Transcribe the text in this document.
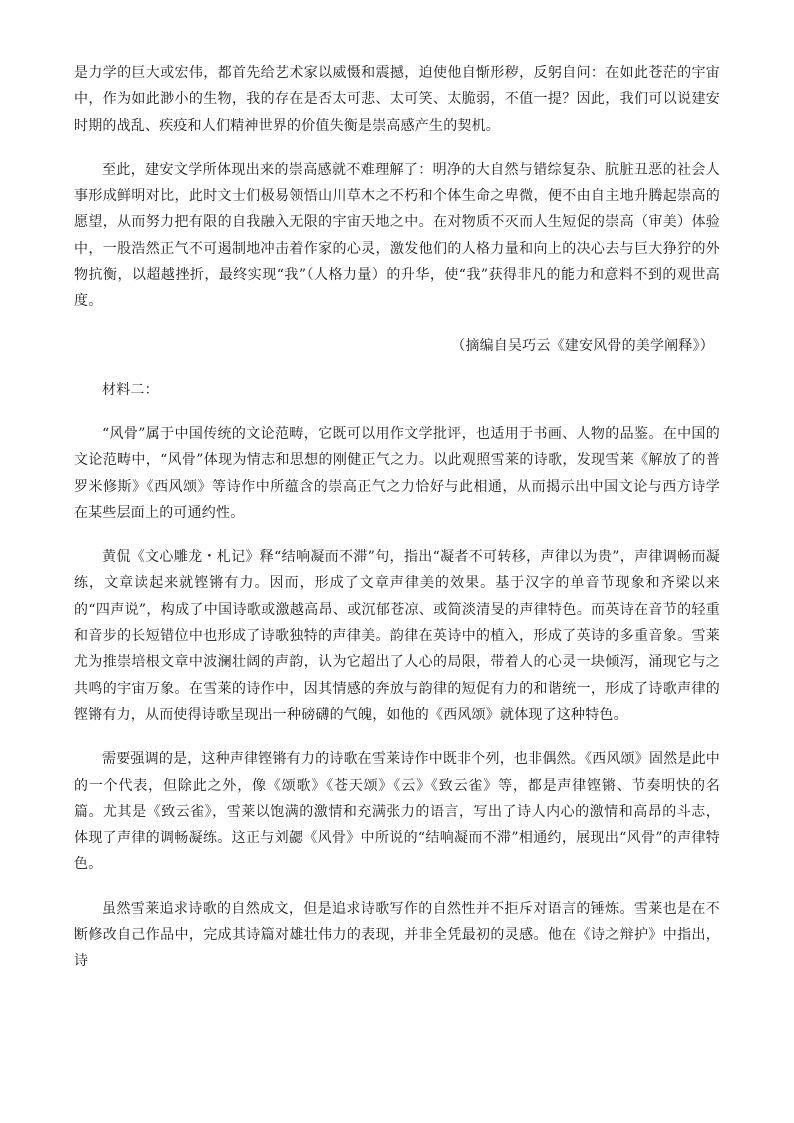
是力学的巨大或宏伟，都首先给艺术家以威慑和震撼，迫使他自惭形秽，反躬自问：在如此苍茫的宇宙中，作为如此渺小的生物，我的存在是否太可悲、太可笑、太脆弱，不值一提？因此，我们可以说建安时期的战乱、疾疫和人们精神世界的价值失衡是崇高感产生的契机。

至此，建安文学所体现出来的崇高感就不难理解了：明净的大自然与错综复杂、肮脏丑恶的社会人事形成鲜明对比，此时文士们极易领悟山川草木之不朽和个体生命之卑微，便不由自主地升腾起崇高的愿望，从而努力把有限的自我融入无限的宇宙天地之中。在对物质不灭而人生短促的崇高（审美）体验中，一股浩然正气不可遏制地冲击着作家的心灵，激发他们的人格力量和向上的决心去与巨大狰狞的外物抗衡，以超越挫折，最终实现“我”（人格力量）的升华，使“我”获得非凡的能力和意料不到的观世高度。

（摘编自吴巧云《建安风骨的美学阐释》）

材料二：

“风骨”属于中国传统的文论范畴，它既可以用作文学批评，也适用于书画、人物的品鉴。在中国的文论范畴中，“风骨”体现为情志和思想的刚健正气之力。以此观照雪莱的诗歌，发现雪莱《解放了的普罗米修斯》《西风颂》等诗作中所蕴含的崇高正气之力恰好与此相通，从而揭示出中国文论与西方诗学在某些层面上的可通约性。

黄侃《文心雕龙・札记》释“结响凝而不滞”句，指出“凝者不可转移，声律以为贵”，声律调畅而凝练，文章读起来就铿锵有力。因而，形成了文章声律美的效果。基于汉字的单音节现象和齐梁以来的“四声说”，构成了中国诗歌或激越高昂、或沉郁苍凉、或简淡清旻的声律特色。而英诗在音节的轻重和音步的长短错位中也形成了诗歌独特的声律美。韵律在英诗中的植入，形成了英诗的多重音象。雪莱尤为推崇培根文章中波澜壮阔的声韵，认为它超出了人心的局限，带着人的心灵一块倾泻，涌现它与之共鸣的宇宙万象。在雪莱的诗作中，因其情感的奔放与韵律的短促有力的和谐统一，形成了诗歌声律的铿锵有力，从而使得诗歌呈现出一种磅礴的气魄，如他的《西风颂》就体现了这种特色。

需要强调的是，这种声律铿锵有力的诗歌在雪莱诗作中既非个列，也非偶然。《西风颂》固然是此中的一个代表，但除此之外，像《颂歌》《苍天颂》《云》《致云雀》等，都是声律铿锵、节奏明快的名篇。尤其是《致云雀》，雪莱以饱满的激情和充满张力的语言，写出了诗人内心的激情和高昂的斗志，体现了声律的调畅凝练。这正与刘勰《风骨》中所说的“结响凝而不滞”相通约，展现出“风骨”的声律特色。

虽然雪莱追求诗歌的自然成文，但是追求诗歌写作的自然性并不拒斥对语言的锤炼。雪莱也是在不断修改自己作品中，完成其诗篇对雄壮伟力的表现，并非全凭最初的灵感。他在《诗之辩护》中指出，诗
